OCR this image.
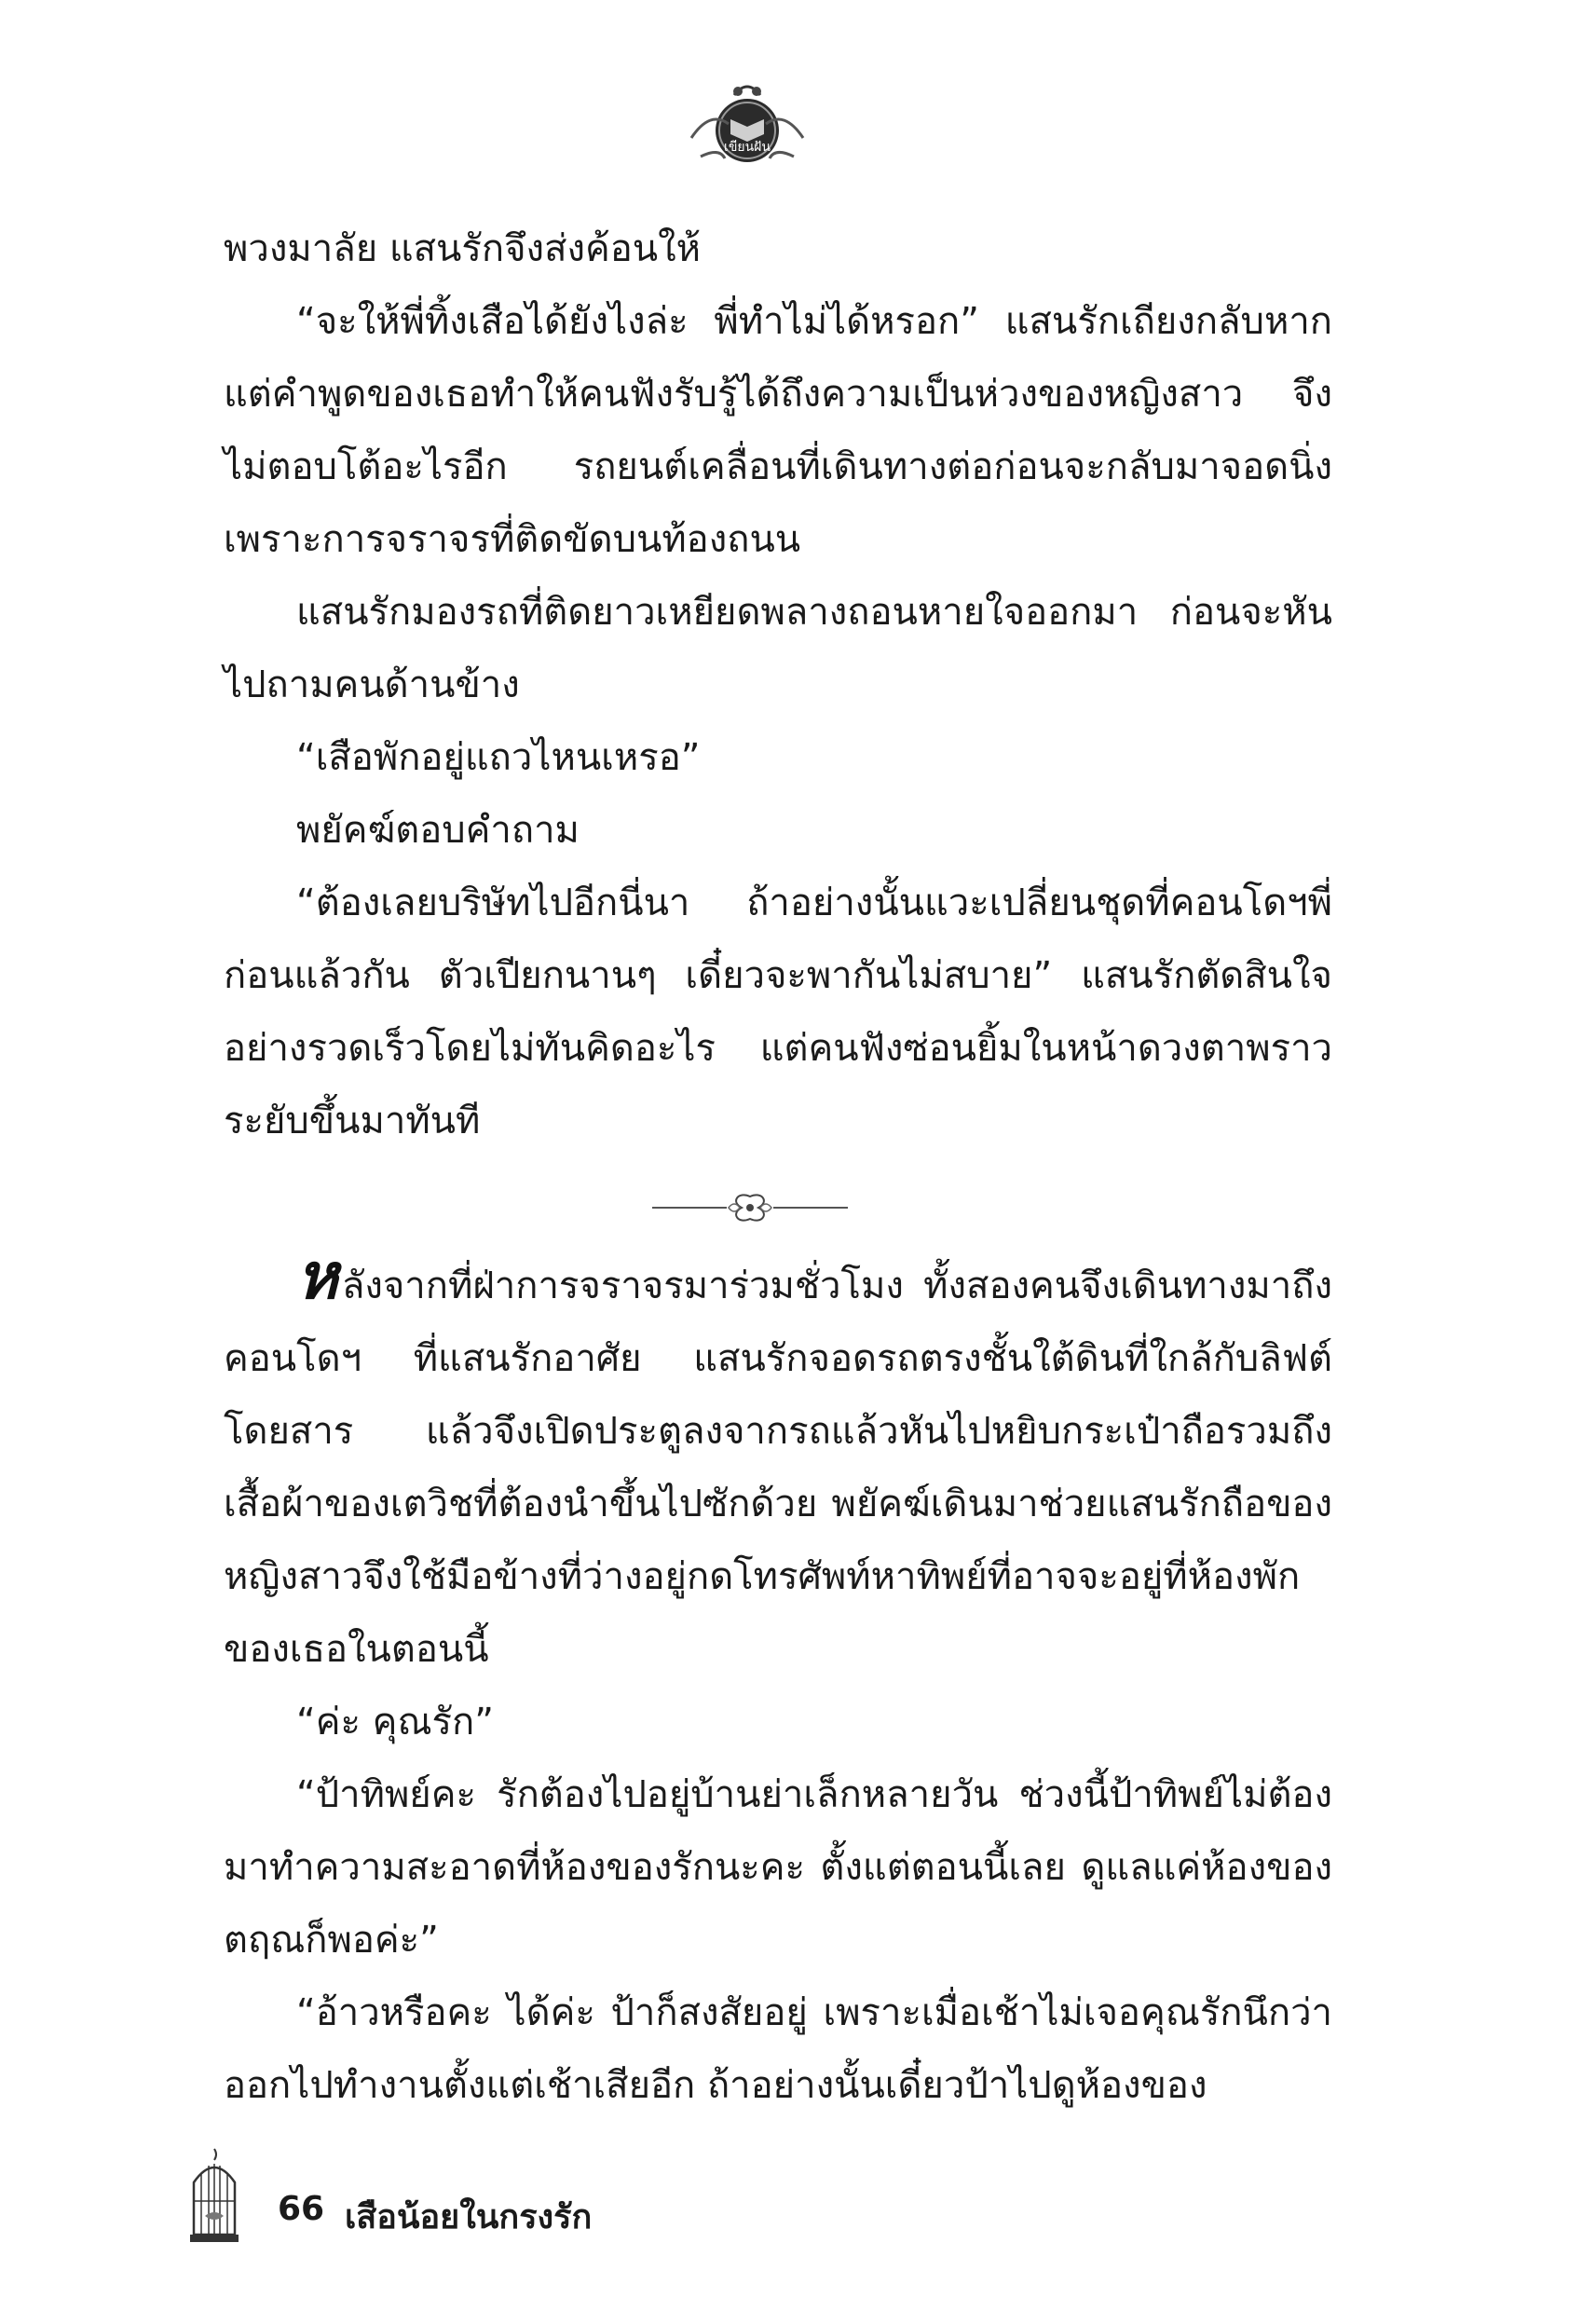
เขียนฝัน

พวงมาลัย แสนรักจึงส่งค้อนให้

“จะให้พี่ทิ้งเสือได้ยังไงล่ะ พี่ทำไม่ได้หรอก” แสนรักเถียงกลับหากแต่คำพูดของเธอทำให้คนฟังรับรู้ได้ถึงความเป็นห่วงของหญิงสาว จึงไม่ตอบโต้อะไรอีก รถยนต์เคลื่อนที่เดินทางต่อก่อนจะกลับมาจอดนิ่งเพราะการจราจรที่ติดขัดบนท้องถนน

แสนรักมองรถที่ติดยาวเหยียดพลางถอนหายใจออกมา ก่อนจะหันไปถามคนด้านข้าง

“เสือพักอยู่แถวไหนเหรอ”

พยัคฆ์ตอบคำถาม

“ต้องเลยบริษัทไปอีกนี่นา ถ้าอย่างนั้นแวะเปลี่ยนชุดที่คอนโดฯพี่ก่อนแล้วกัน ตัวเปียกนานๆ เดี๋ยวจะพากันไม่สบาย” แสนรักตัดสินใจอย่างรวดเร็วโดยไม่ทันคิดอะไร แต่คนฟังซ่อนยิ้มในหน้าดวงตาพราวระยับขึ้นมาทันที

หลังจากที่ฝ่าการจราจรมาร่วมชั่วโมง ทั้งสองคนจึงเดินทางมาถึงคอนโดฯ ที่แสนรักอาศัย แสนรักจอดรถตรงชั้นใต้ดินที่ใกล้กับลิฟต์โดยสาร แล้วจึงเปิดประตูลงจากรถแล้วหันไปหยิบกระเป๋าถือรวมถึงเสื้อผ้าของเตวิชที่ต้องนำขึ้นไปซักด้วย พยัคฆ์เดินมาช่วยแสนรักถือของ หญิงสาวจึงใช้มือข้างที่ว่างอยู่กดโทรศัพท์หาทิพย์ที่อาจจะอยู่ที่ห้องพักของเธอในตอนนี้

“ค่ะ คุณรัก”

“ป้าทิพย์คะ รักต้องไปอยู่บ้านย่าเล็กหลายวัน ช่วงนี้ป้าทิพย์ไม่ต้องมาทำความสะอาดที่ห้องของรักนะคะ ตั้งแต่ตอนนี้เลย ดูแลแค่ห้องของตฤณก็พอค่ะ”

“อ้าวหรือคะ ได้ค่ะ ป้าก็สงสัยอยู่ เพราะเมื่อเช้าไม่เจอคุณรักนึกว่าออกไปทำงานตั้งแต่เช้าเสียอีก ถ้าอย่างนั้นเดี๋ยวป้าไปดูห้องของ

66 เสือน้อยในกรงรัก
